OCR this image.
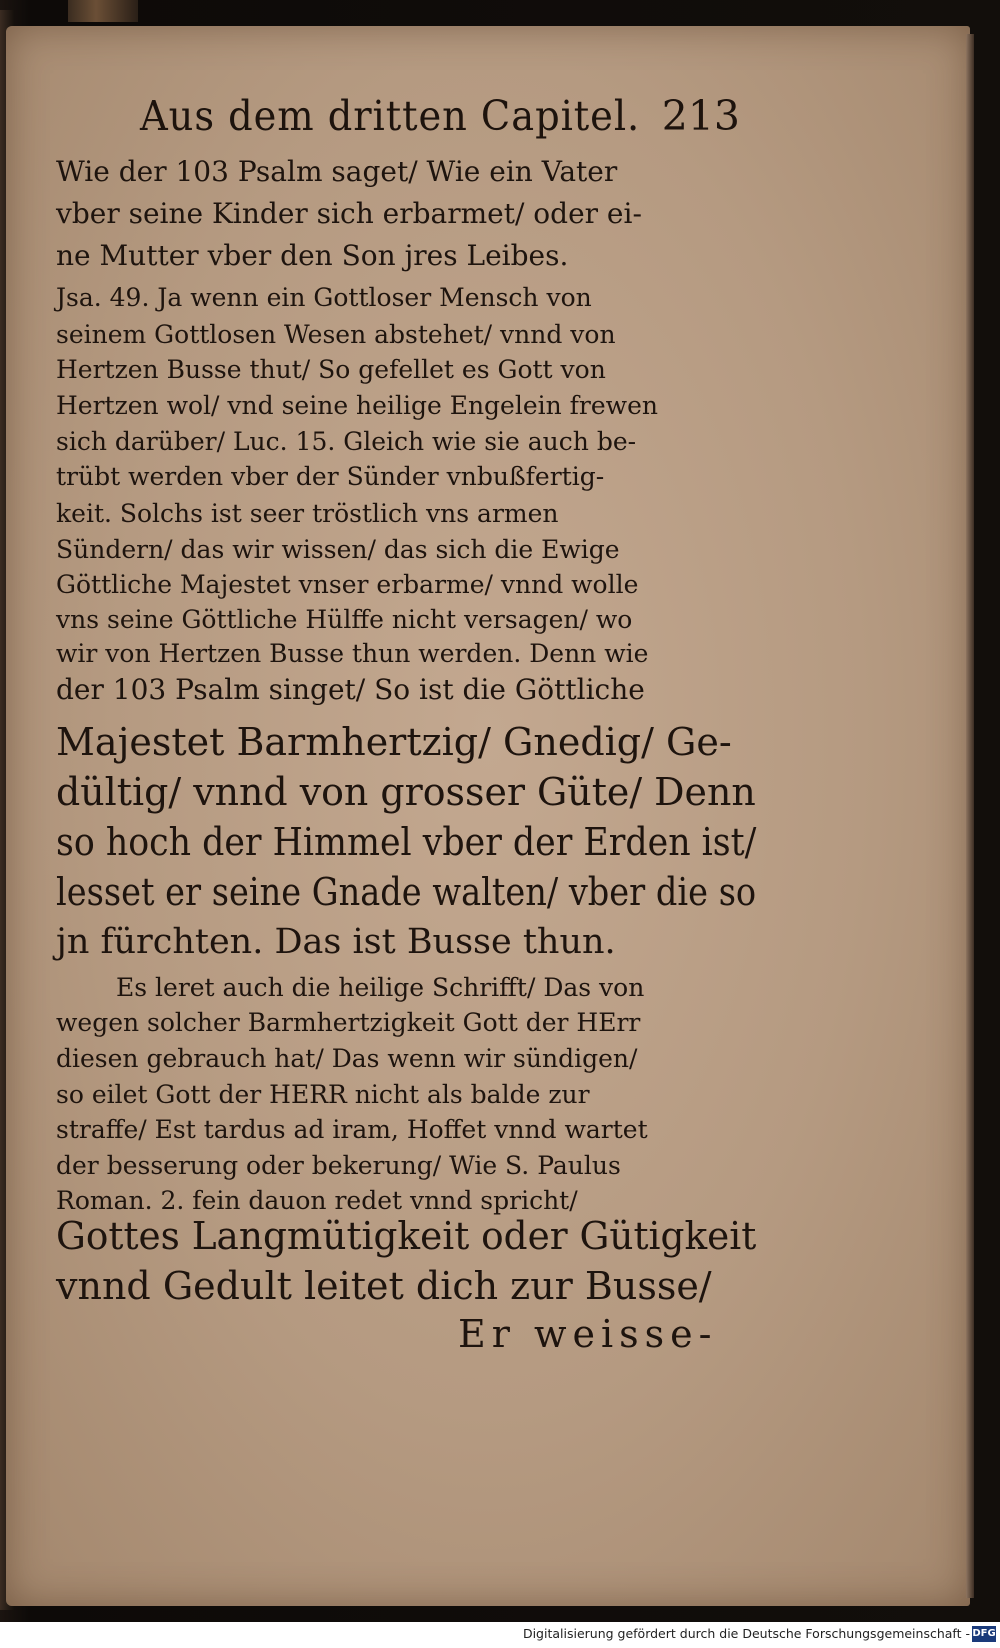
Aus dem dritten Capitel. 213
Wie der 103 Psalm saget/ Wie ein Vater
vber seine Kinder sich erbarmet/ oder ei-
ne Mutter vber den Son jres Leibes.
Jsa. 49. Ja wenn ein Gottloser Mensch von
seinem Gottlosen Wesen abstehet/ vnnd von
Hertzen Busse thut/ So gefellet es Gott von
Hertzen wol/ vnd seine heilige Engelein frewen
sich darüber/ Luc. 15. Gleich wie sie auch be-
trübt werden vber der Sünder vnbußfertig-
keit. Solchs ist seer tröstlich vns armen
Sündern/ das wir wissen/ das sich die Ewige
Göttliche Majestet vnser erbarme/ vnnd wolle
vns seine Göttliche Hülffe nicht versagen/ wo
wir von Hertzen Busse thun werden. Denn wie
der 103 Psalm singet/ So ist die Göttliche
Majestet Barmhertzig/ Gnedig/ Ge-
dültig/ vnnd von grosser Güte/ Denn
so hoch der Himmel vber der Erden ist/
lesset er seine Gnade walten/ vber die so
jn fürchten. Das ist Busse thun.
Es leret auch die heilige Schrifft/ Das von
wegen solcher Barmhertzigkeit Gott der HErr
diesen gebrauch hat/ Das wenn wir sündigen/
so eilet Gott der HERR nicht als balde zur
straffe/ Est tardus ad iram, Hoffet vnnd wartet
der besserung oder bekerung/ Wie S. Paulus
Roman. 2. fein dauon redet vnnd spricht/
Gottes Langmütigkeit oder Gütigkeit
vnnd Gedult leitet dich zur Busse/
Er weisse-
Digitalisierung gefördert durch die Deutsche Forschungsgemeinschaft - DFG
